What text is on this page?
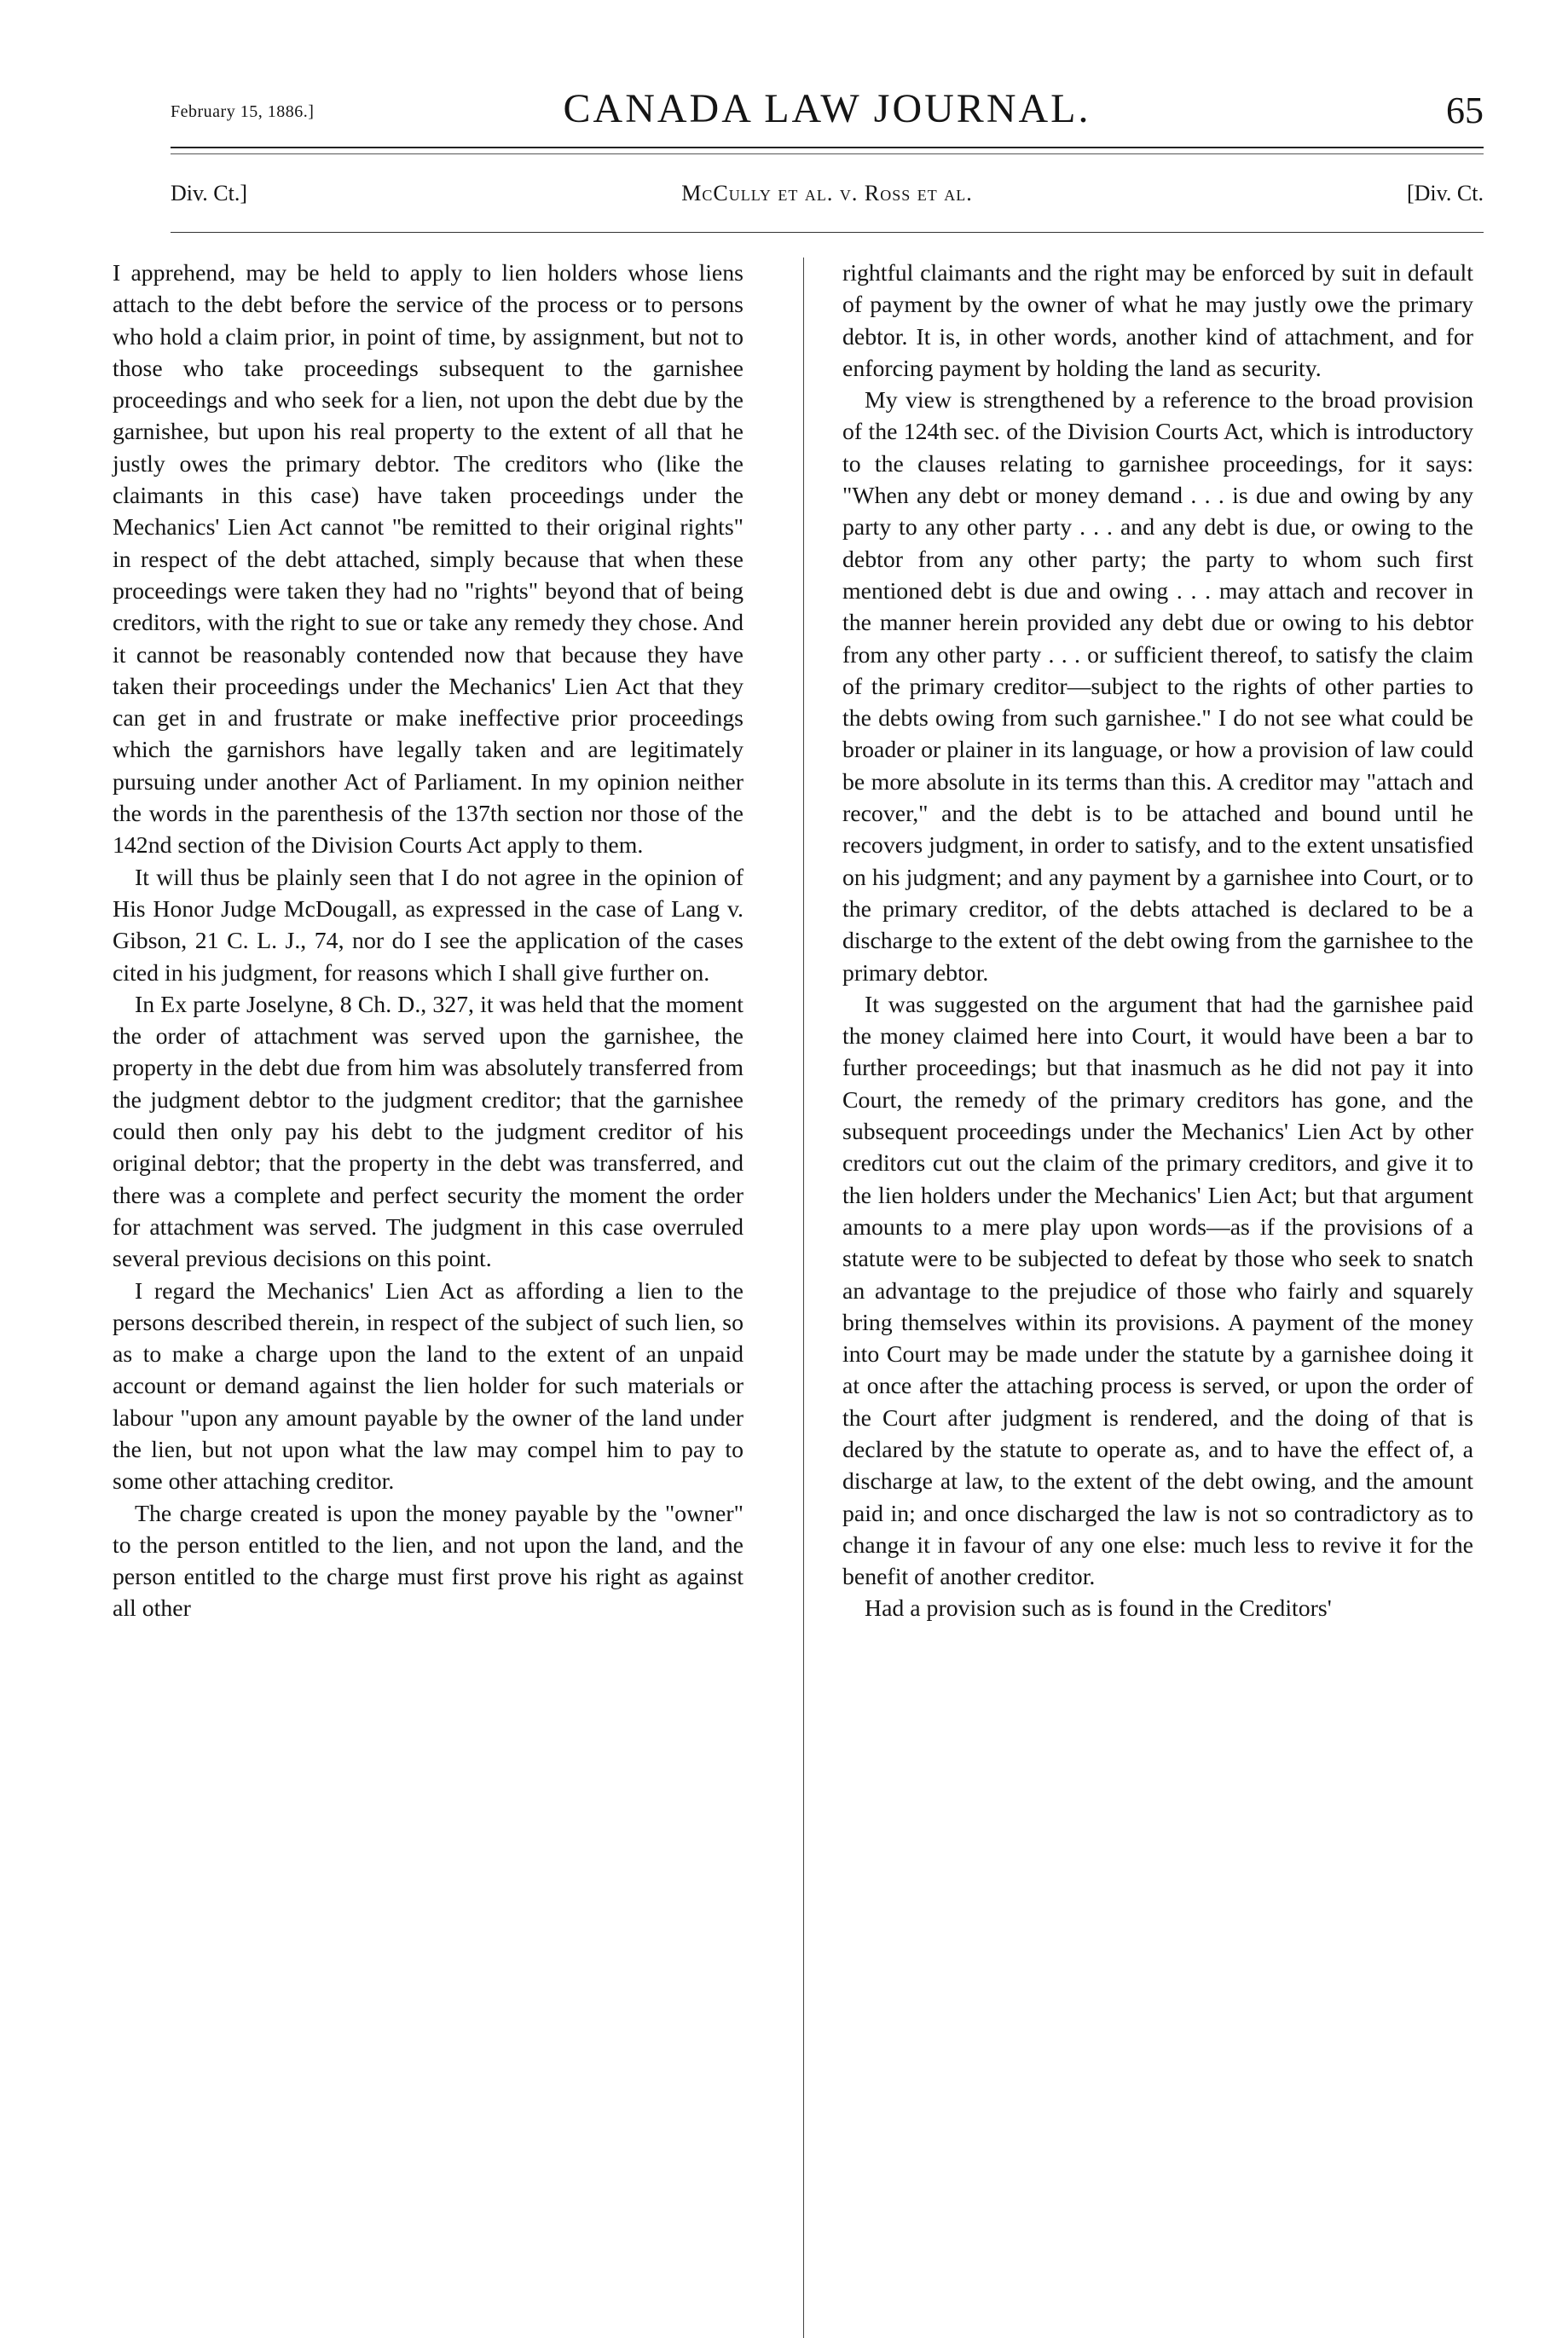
February 15, 1886.]	CANADA LAW JOURNAL.	65
Div. Ct.]	McCully et al. v. Ross et al.	[Div. Ct.

I apprehend, may be held to apply to lien holders whose liens attach to the debt before the service of the process or to persons who hold a claim prior, in point of time, by assignment, but not to those who take proceedings subsequent to the garnishee proceedings and who seek for a lien, not upon the debt due by the garnishee, but upon his real property to the extent of all that he justly owes the primary debtor. The creditors who (like the claimants in this case) have taken proceedings under the Mechanics' Lien Act cannot "be remitted to their original rights" in respect of the debt attached, simply because that when these proceedings were taken they had no "rights" beyond that of being creditors, with the right to sue or take any remedy they chose. And it cannot be reasonably contended now that because they have taken their proceedings under the Mechanics' Lien Act that they can get in and frustrate or make ineffective prior proceedings which the garnishors have legally taken and are legitimately pursuing under another Act of Parliament. In my opinion neither the words in the parenthesis of the 137th section nor those of the 142nd section of the Division Courts Act apply to them.

It will thus be plainly seen that I do not agree in the opinion of His Honor Judge McDougall, as expressed in the case of Lang v. Gibson, 21 C. L. J., 74, nor do I see the application of the cases cited in his judgment, for reasons which I shall give further on.

In Ex parte Joselyne, 8 Ch. D., 327, it was held that the moment the order of attachment was served upon the garnishee, the property in the debt due from him was absolutely transferred from the judgment debtor to the judgment creditor; that the garnishee could then only pay his debt to the judgment creditor of his original debtor; that the property in the debt was transferred, and there was a complete and perfect security the moment the order for attachment was served. The judgment in this case overruled several previous decisions on this point.

I regard the Mechanics' Lien Act as affording a lien to the persons described therein, in respect of the subject of such lien, so as to make a charge upon the land to the extent of an unpaid account or demand against the lien holder for such materials or labour "upon any amount payable by the owner of the land under the lien, but not upon what the law may compel him to pay to some other attaching creditor.

The charge created is upon the money payable by the "owner" to the person entitled to the lien, and not upon the land, and the person entitled to the charge must first prove his right as against all other

rightful claimants and the right may be enforced by suit in default of payment by the owner of what he may justly owe the primary debtor. It is, in other words, another kind of attachment, and for enforcing payment by holding the land as security.

My view is strengthened by a reference to the broad provision of the 124th sec. of the Division Courts Act, which is introductory to the clauses relating to garnishee proceedings, for it says: "When any debt or money demand . . . is due and owing by any party to any other party . . . and any debt is due, or owing to the debtor from any other party; the party to whom such first mentioned debt is due and owing . . . may attach and recover in the manner herein provided any debt due or owing to his debtor from any other party . . . or sufficient thereof, to satisfy the claim of the primary creditor—subject to the rights of other parties to the debts owing from such garnishee." I do not see what could be broader or plainer in its language, or how a provision of law could be more absolute in its terms than this. A creditor may "attach and recover," and the debt is to be attached and bound until he recovers judgment, in order to satisfy, and to the extent unsatisfied on his judgment; and any payment by a garnishee into Court, or to the primary creditor, of the debts attached is declared to be a discharge to the extent of the debt owing from the garnishee to the primary debtor.

It was suggested on the argument that had the garnishee paid the money claimed here into Court, it would have been a bar to further proceedings; but that inasmuch as he did not pay it into Court, the remedy of the primary creditors has gone, and the subsequent proceedings under the Mechanics' Lien Act by other creditors cut out the claim of the primary creditors, and give it to the lien holders under the Mechanics' Lien Act; but that argument amounts to a mere play upon words—as if the provisions of a statute were to be subjected to defeat by those who seek to snatch an advantage to the prejudice of those who fairly and squarely bring themselves within its provisions. A payment of the money into Court may be made under the statute by a garnishee doing it at once after the attaching process is served, or upon the order of the Court after judgment is rendered, and the doing of that is declared by the statute to operate as, and to have the effect of, a discharge at law, to the extent of the debt owing, and the amount paid in; and once discharged the law is not so contradictory as to change it in favour of any one else: much less to revive it for the benefit of another creditor.

Had a provision such as is found in the Creditors'
